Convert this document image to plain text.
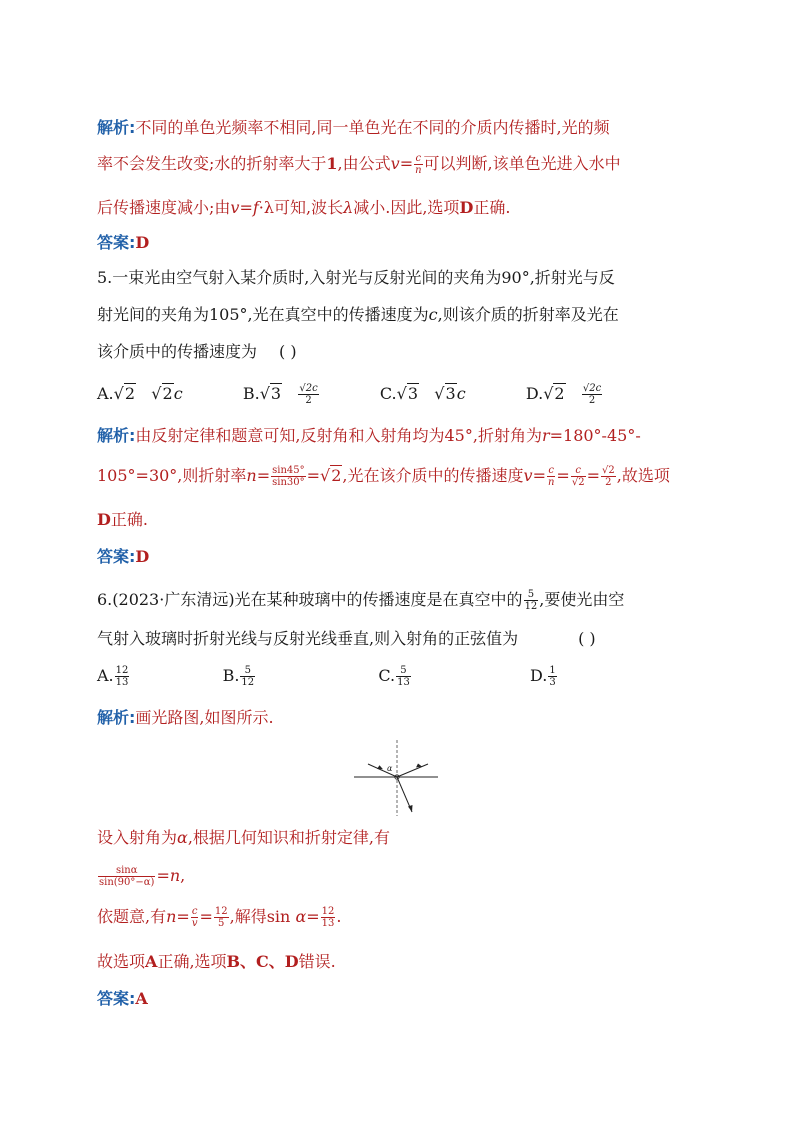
解析:不同的单色光频率不相同,同一单色光在不同的介质内传播时,光的频
率不会发生改变;水的折射率大于1,由公式$v= \frac{c}{n}$ 可以判断,该单色光进入水中
后传播速度减小;由v=f·λ可知,波长λ减小.因此,选项D正确.
答案:D
5.一束光由空气射入某介质时,入射光与反射光间的夹角为90°,折射光与反
射光间的夹角为105°,光在真空中的传播速度为c,则该介质的折射率及光在
该介质中的传播速度为 ( )
A.√2 √2c	$B.√3 \frac{√2c}{2}$	C.√3 √3c	$D.√2 \frac{√2c}{2}$
解析:由反射定律和题意可知,反射角和入射角均为45°,折射角为r=180°-45°-
105°=30°,则折射率$n= \frac{\sin 45^\circ}{\sin 30^\circ} =√2$,光在该介质中的传播速度$v= \frac{c}{n} = \frac{c}{√2} = \frac{√2}{2}$ ,故选项
D正确.
答案:D
6.(2023·广东清远)光在某种玻璃中的传播速度是在真空中的 $\frac{5}{12}$ ,要使光由空
气射入玻璃时折射光线与反射光线垂直,则入射角的正弦值为	( )
A. $\frac{12}{13}$	B. $\frac{5}{12}$	C. $\frac{5}{13}$	D. $\frac{1}{3}$
解析:画光路图,如图所示.
α
设入射角为α,根据几何知识和折射定律,有
$\frac{\sin\alpha}{\sin(90^\circ-\alpha)} =n$,
依题意,有$n= \frac{c}{v} = \frac{12}{5}$ ,解得$\sin \alpha= \frac{12}{13}$ .
故选项A正确,选项B、C、D错误.
答案:A
